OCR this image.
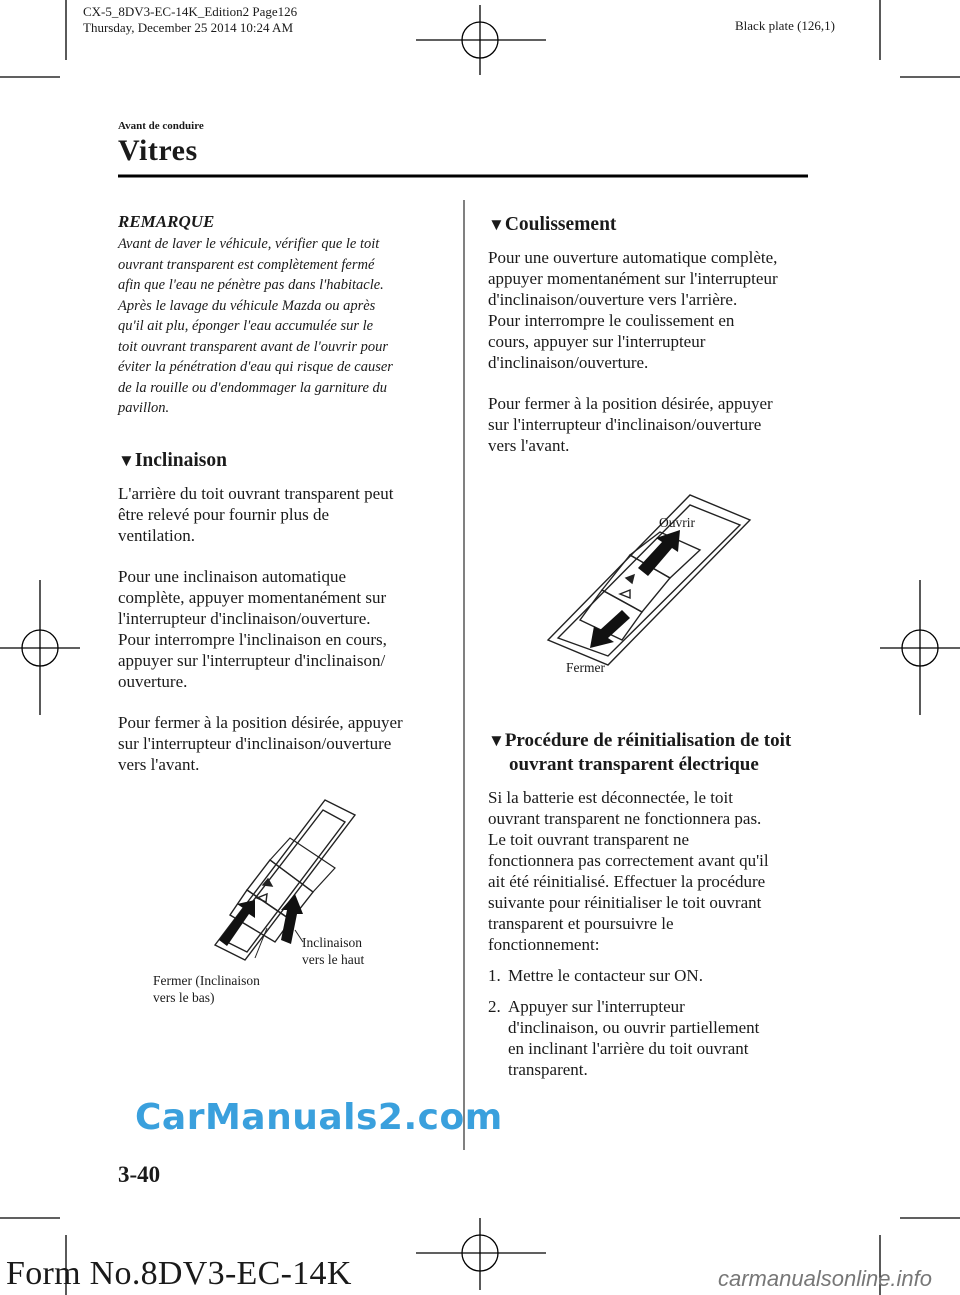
CX-5_8DV3-EC-14K_Edition2 Page126
Thursday, December 25 2014 10:24 AM	Black plate (126,1)
Avant de conduire
Vitres
REMARQUE
Avant de laver le véhicule, vérifier que le toit
ouvrant transparent est complètement fermé
afin que l'eau ne pénètre pas dans l'habitacle.
Après le lavage du véhicule Mazda ou après
qu'il ait plu, éponger l'eau accumulée sur le
toit ouvrant transparent avant de l'ouvrir pour
éviter la pénétration d'eau qui risque de causer
de la rouille ou d'endommager la garniture du
pavillon.
▼Inclinaison
L'arrière du toit ouvrant transparent peut
être relevé pour fournir plus de
ventilation.
Pour une inclinaison automatique
complète, appuyer momentanément sur
l'interrupteur d'inclinaison/ouverture.
Pour interrompre l'inclinaison en cours,
appuyer sur l'interrupteur d'inclinaison/
ouverture.
Pour fermer à la position désirée, appuyer
sur l'interrupteur d'inclinaison/ouverture
vers l'avant.
Inclinaison
vers le haut
Fermer (Inclinaison
vers le bas)
▼Coulissement
Pour une ouverture automatique complète,
appuyer momentanément sur l'interrupteur
d'inclinaison/ouverture vers l'arrière.
Pour interrompre le coulissement en
cours, appuyer sur l'interrupteur
d'inclinaison/ouverture.
Pour fermer à la position désirée, appuyer
sur l'interrupteur d'inclinaison/ouverture
vers l'avant.
Ouvrir
Fermer
▼Procédure de réinitialisation de toit
ouvrant transparent électrique
Si la batterie est déconnectée, le toit
ouvrant transparent ne fonctionnera pas.
Le toit ouvrant transparent ne
fonctionnera pas correctement avant qu'il
ait été réinitialisé. Effectuer la procédure
suivante pour réinitialiser le toit ouvrant
transparent et poursuivre le
fonctionnement:
1. Mettre le contacteur sur ON.
2. Appuyer sur l'interrupteur
d'inclinaison, ou ouvrir partiellement
en inclinant l'arrière du toit ouvrant
transparent.
CarManuals2.com
3-40
Form No.8DV3-EC-14K	carmanualsonline.info
